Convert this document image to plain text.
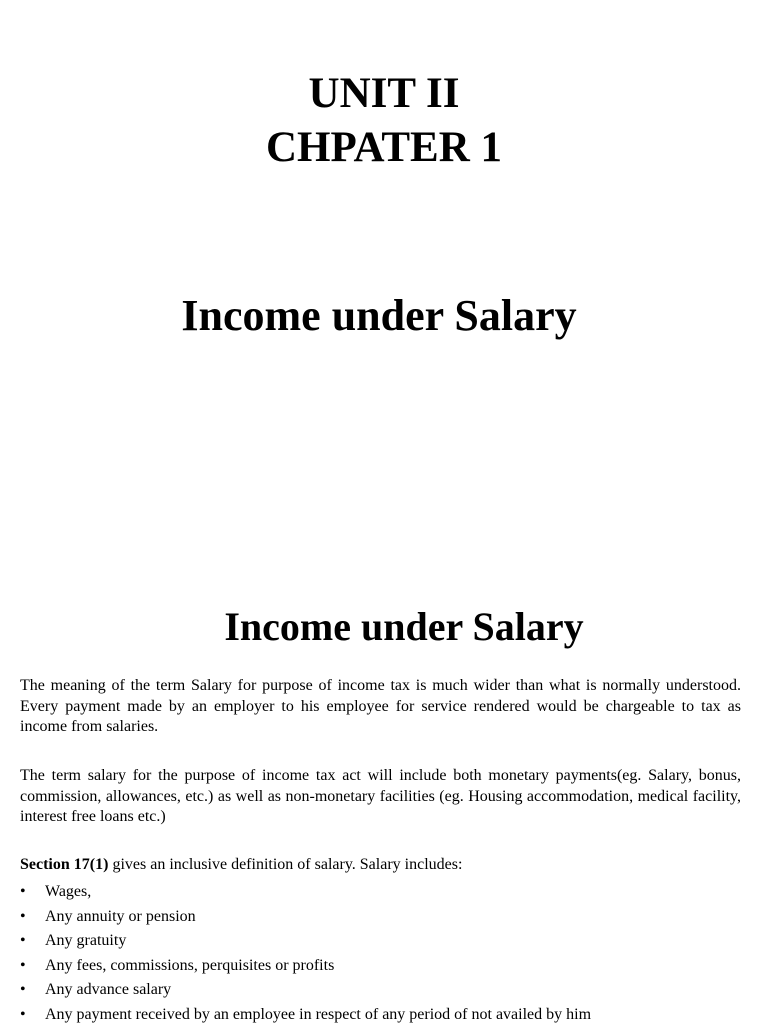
UNIT II
CHPATER 1
Income under Salary
Income under Salary

The meaning of the term Salary for purpose of income tax is much wider than what is normally understood. Every payment made by an employer to his employee for service rendered would be chargeable to tax as income from salaries.

The term salary for the purpose of income tax act will include both monetary payments(eg. Salary, bonus, commission, allowances, etc.) as well as non-monetary facilities (eg. Housing accommodation, medical facility, interest free loans etc.)

Section 17(1) gives an inclusive definition of salary. Salary includes:

• Wages,
• Any annuity or pension
• Any gratuity
• Any fees, commissions, perquisites or profits
• Any advance salary
• Any payment received by an employee in respect of any period of not availed by him
